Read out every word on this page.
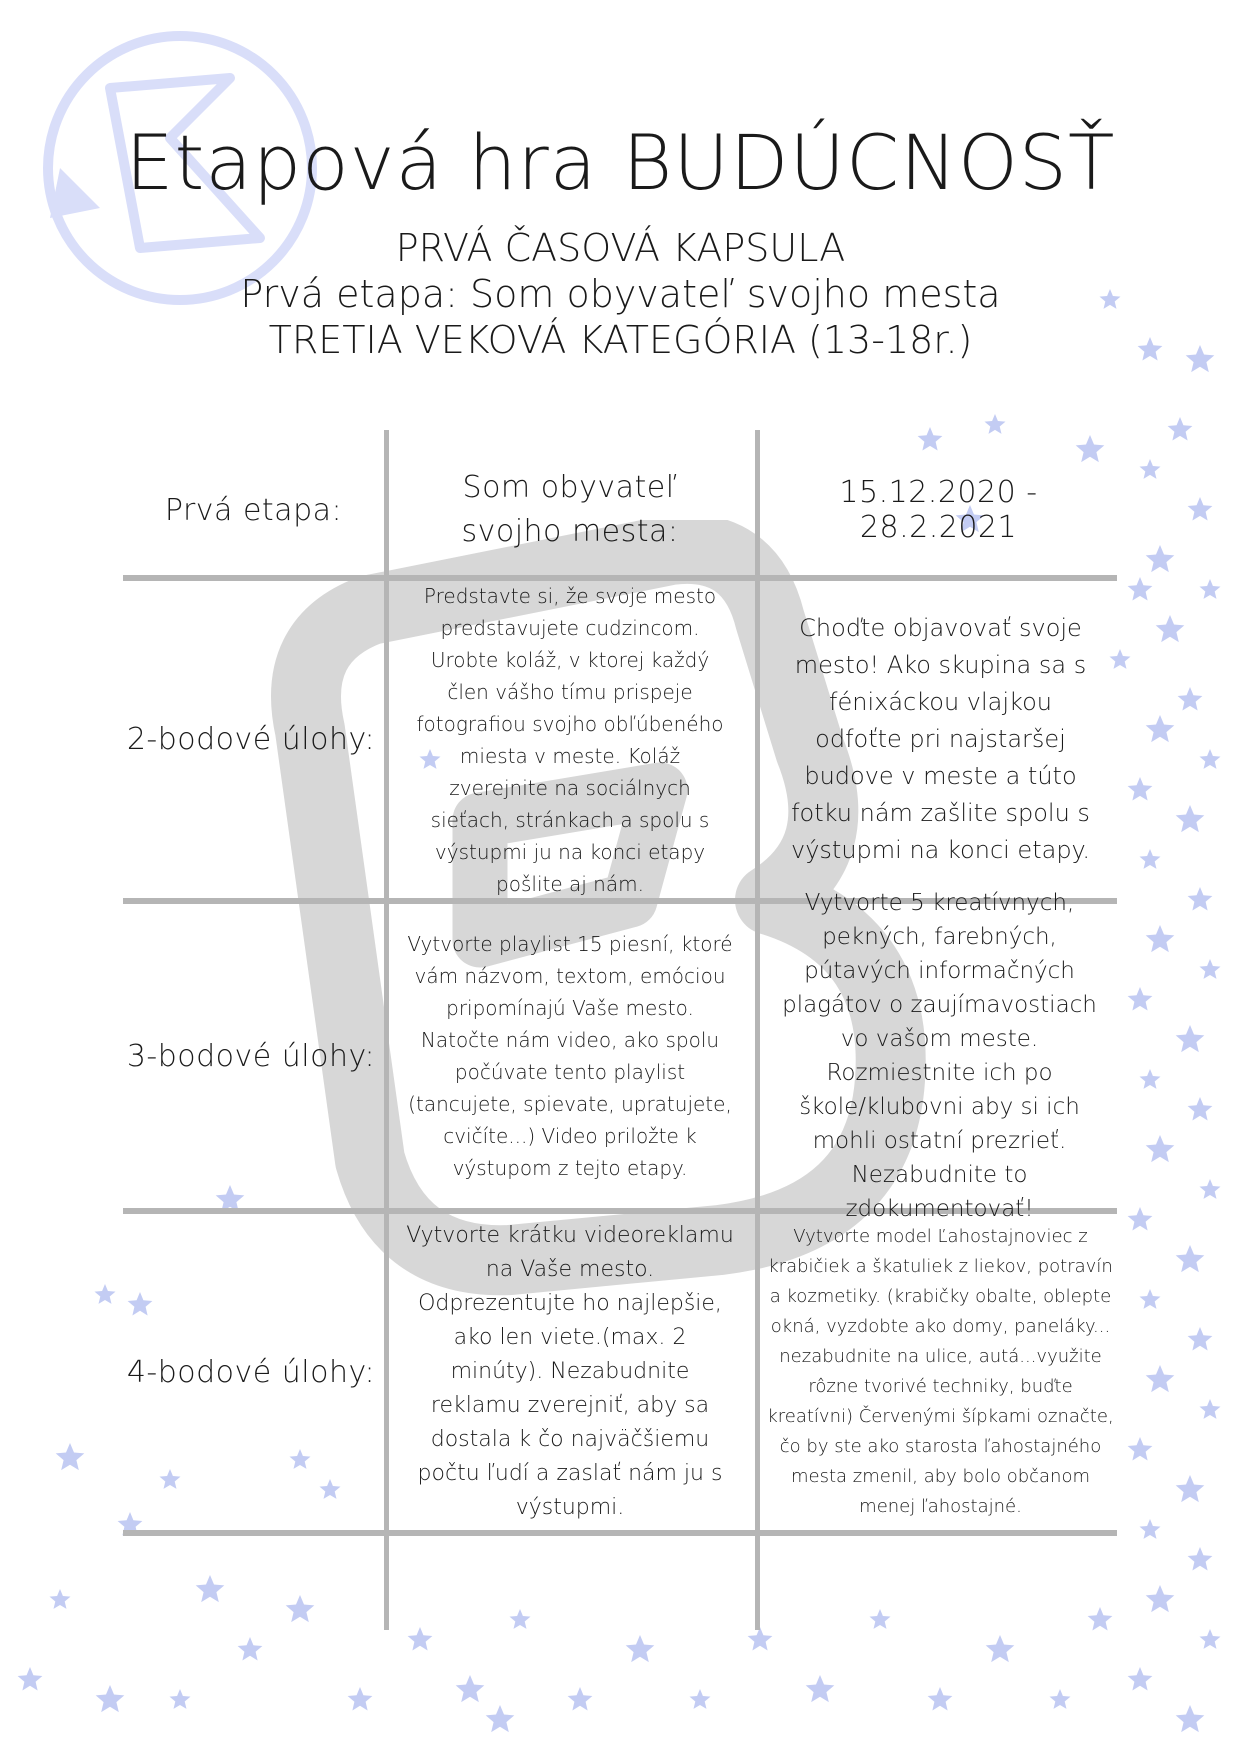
Etapová hra BUDÚCNOSŤ

PRVÁ ČASOVÁ KAPSULA

Prvá etapa: Som obyvateľ svojho mesta

TRETIA VEKOVÁ KATEGÓRIA (13-18r.)

Prvá etapa:
Som obyvateľ svojho mesta:
15.12.2020 - 28.2.2021
2-bodové úlohy:
Predstavte si, že svoje mesto predstavujete cudzincom. Urobte koláž, v ktorej každý člen vášho tímu prispeje fotografiou svojho obľúbeného miesta v meste. Koláž zverejnite na sociálnych sieťach, stránkach a spolu s výstupmi ju na konci etapy pošlite aj nám.
Choďte objavovať svoje mesto! Ako skupina sa s fénixáckou vlajkou odfoťte pri najstaršej budove v meste a túto fotku nám zašlite spolu s výstupmi na konci etapy.
3-bodové úlohy:
Vytvorte playlist 15 piesní, ktoré vám názvom, textom, emóciou pripomínajú Vaše mesto. Natočte nám video, ako spolu počúvate tento playlist (tancujete, spievate, upratujete, cvičíte...) Video priložte k výstupom z tejto etapy.
Vytvorte 5 kreatívnych, pekných, farebných, pútavých informačných plagátov o zaujímavostiach vo vašom meste. Rozmiestnite ich po škole/klubovni aby si ich mohli ostatní prezrieť. Nezabudnite to zdokumentovať!
4-bodové úlohy:
Vytvorte krátku videoreklamu na Vaše mesto. Odprezentujte ho najlepšie, ako len viete.(max. 2 minúty). Nezabudnite reklamu zverejniť, aby sa dostala k čo najväčšiemu počtu ľudí a zaslať nám ju s výstupmi.
Vytvorte model Ľahostajnoviec z krabičiek a škatuliek z liekov, potravín a kozmetiky. (krabičky obalte, oblepte okná, vyzdobte ako domy, paneláky... nezabudnite na ulice, autá...využite rôzne tvorivé techniky, buďte kreatívni) Červenými šípkami označte, čo by ste ako starosta ľahostajného mesta zmenil, aby bolo občanom menej ľahostajné.
